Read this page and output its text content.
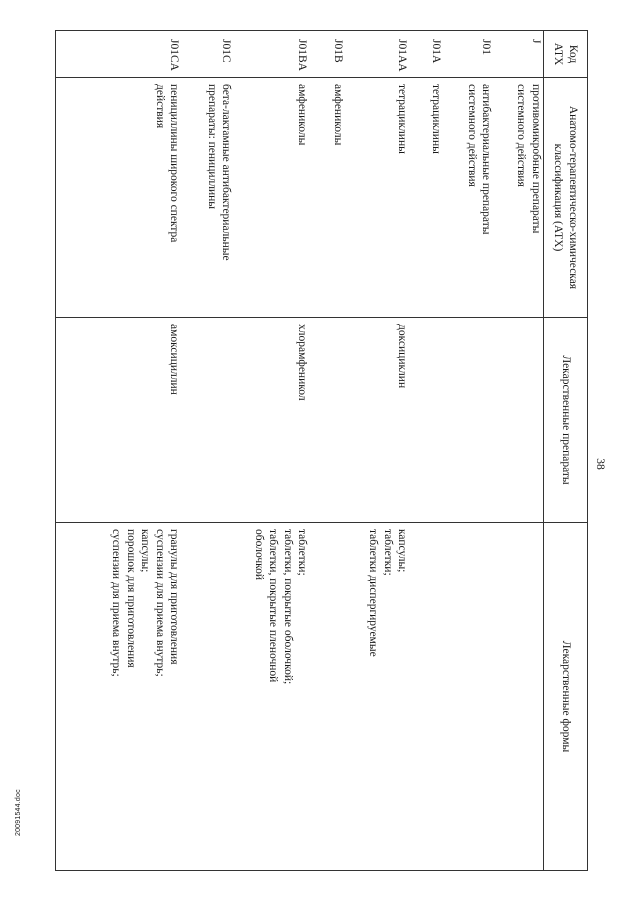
38
Код АТХ	Анатомо-терапевтическо-химическая
классификация (АТХ)	Лекарственные препараты	Лекарственные формы

J	противомикробные препараты
системного действия		
J01	антибактериальные препараты
системного действия		
J01A	тетрациклины		
J01AA	тетрациклины	доксициклин	капсулы;
таблетки;
таблетки диспергируемые
J01B	амфениколы		
J01BA	амфениколы	хлорамфеникол	таблетки;
таблетки, покрытые оболочкой;
таблетки, покрытые пленочной
оболочкой
J01C	бета-лактамные антибактериальные
препараты: пенициллины		
J01CA	пенициллины широкого спектра
действия	амоксициллин	гранулы для приготовления
суспензии для приема внутрь;
капсулы;
порошок для приготовления
суспензии для приема внутрь;
20091544.doc
